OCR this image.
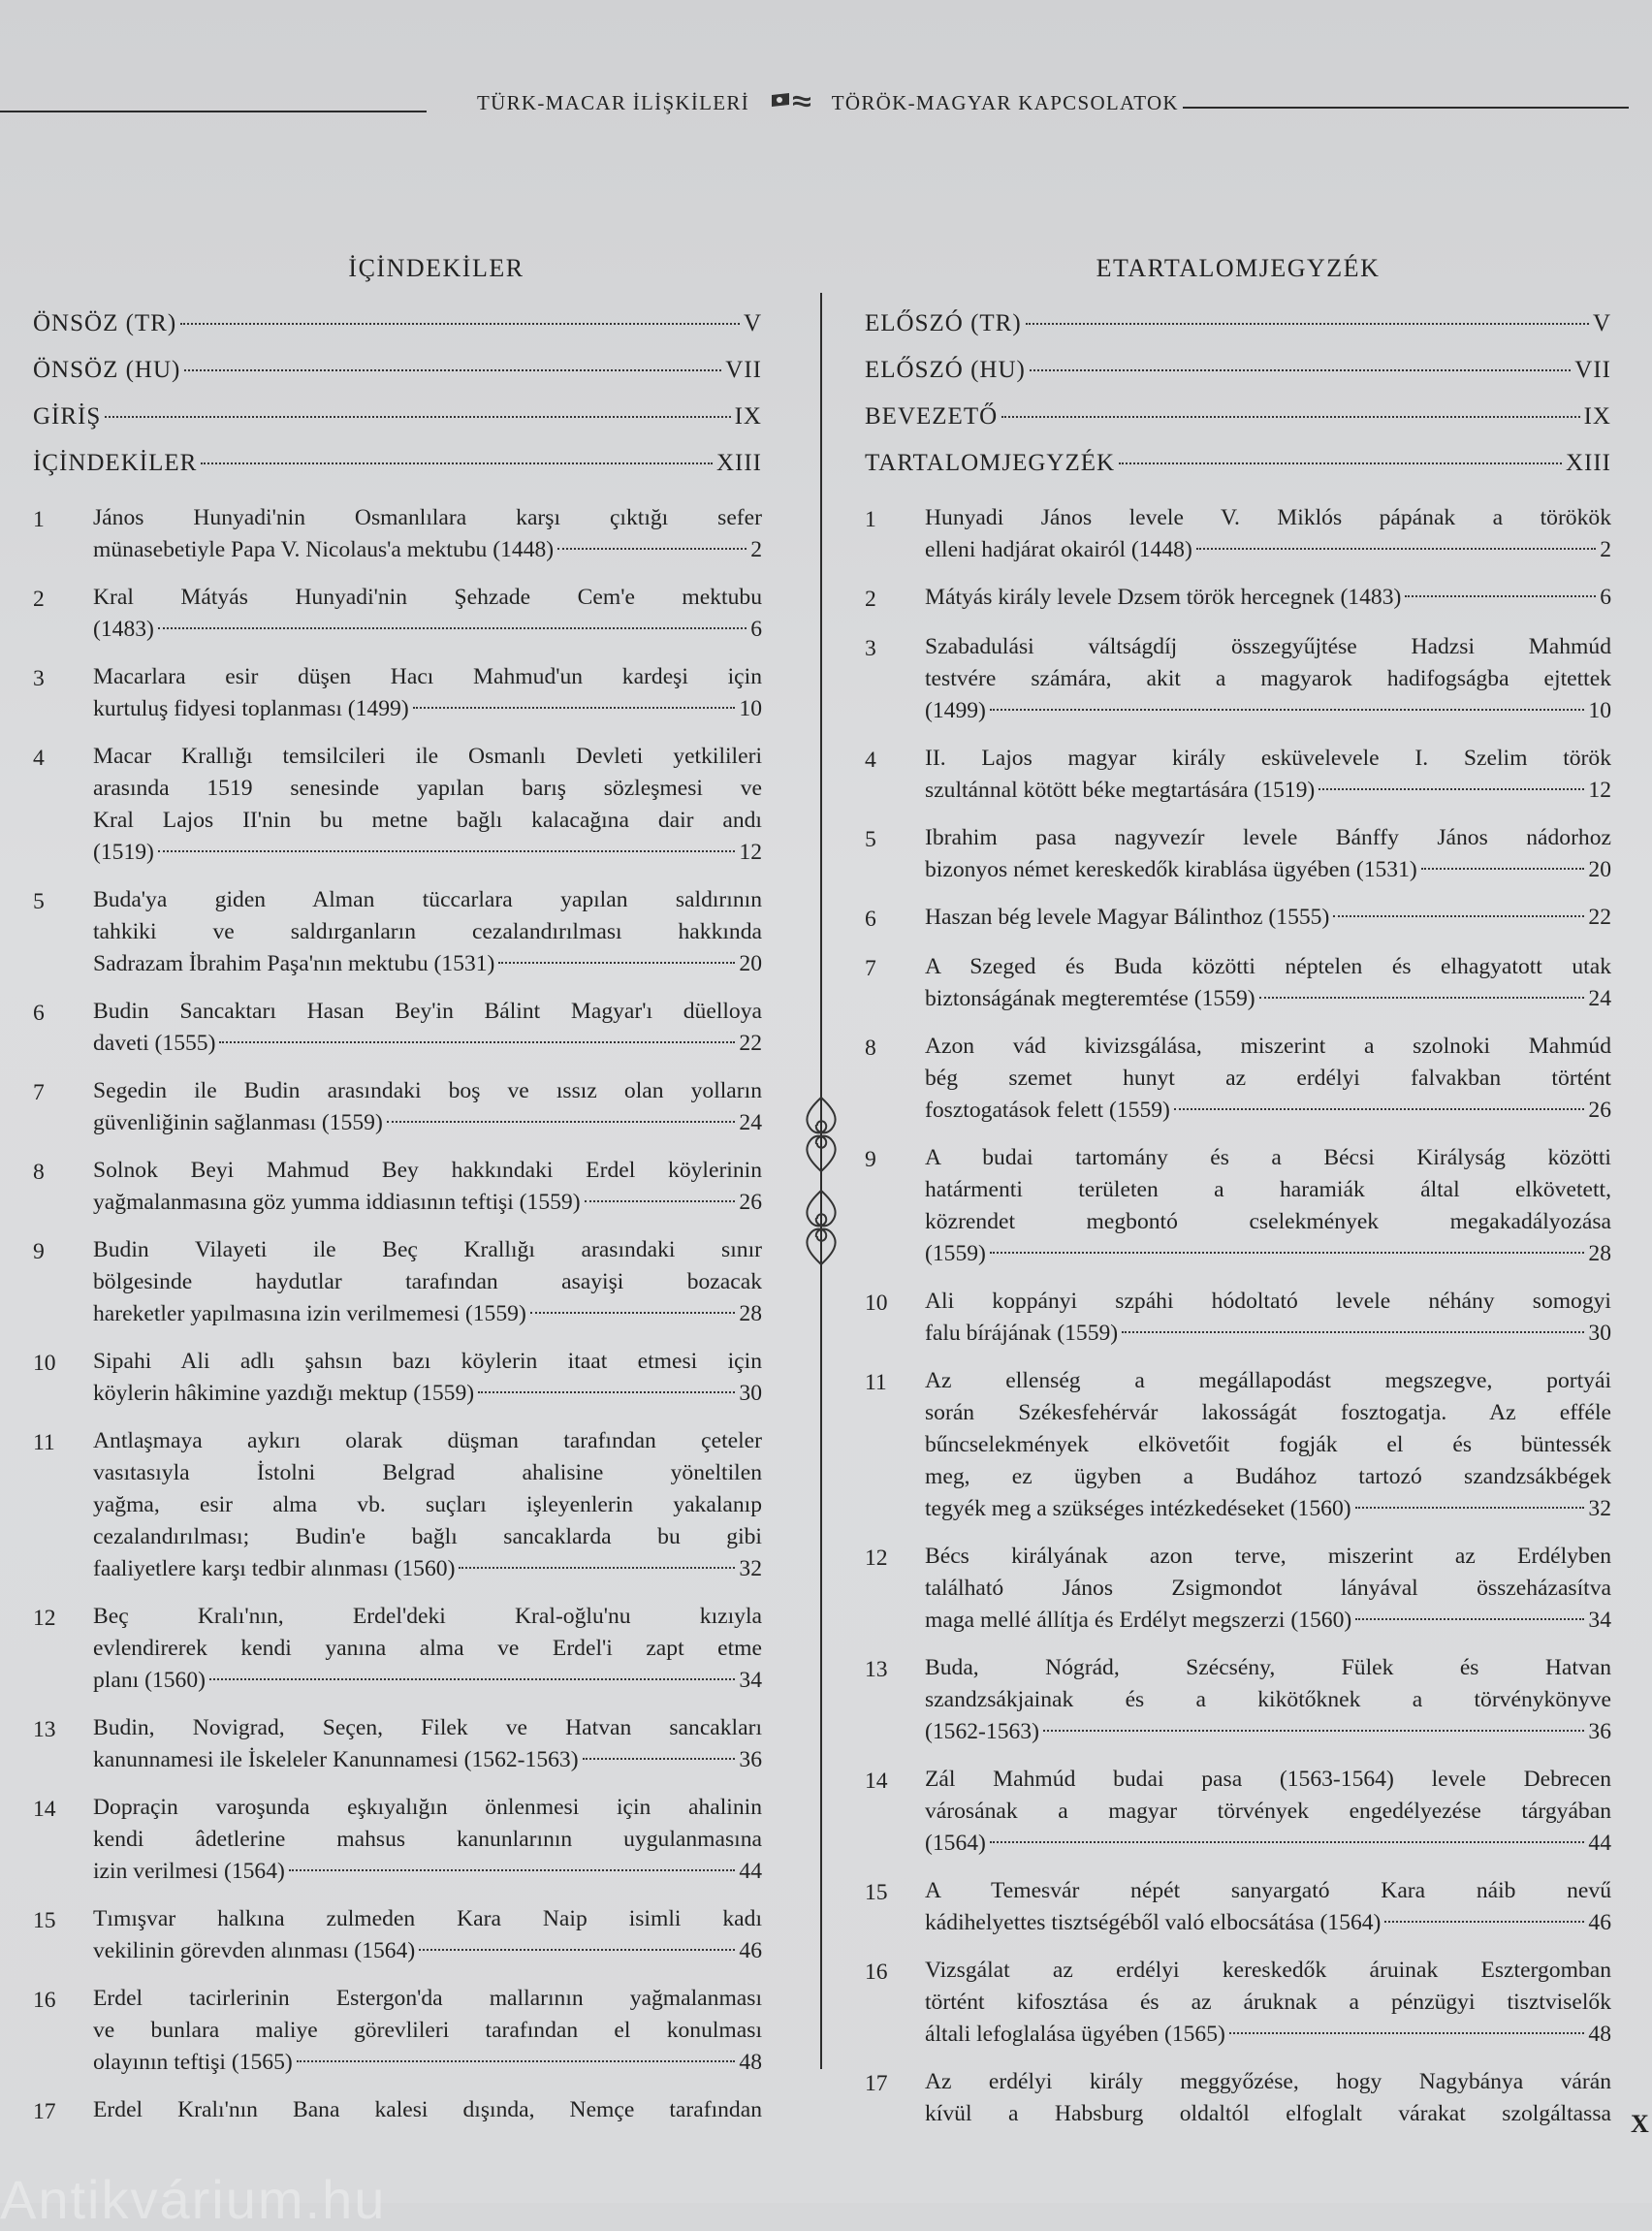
TÜRK-MACAR İLİŞKİLERİ	TÖRÖK-MAGYAR KAPCSOLATOK
İÇİNDEKİLER
ÖNSÖZ (TR)	V
ÖNSÖZ (HU)	VII
GİRİŞ	IX
İÇİNDEKİLER	XIII
1	János Hunyadi'nin Osmanlılara karşı çıktığı sefer
münasebetiyle Papa V. Nicolaus'a mektubu (1448)	2
2	Kral Mátyás Hunyadi'nin Şehzade Cem'e mektubu
(1483)	6
3	Macarlara esir düşen Hacı Mahmud'un kardeşi için
kurtuluş fidyesi toplanması (1499)	10
4	Macar Krallığı temsilcileri ile Osmanlı Devleti yetkilileri
arasında 1519 senesinde yapılan barış sözleşmesi ve
Kral Lajos II'nin bu metne bağlı kalacağına dair andı
(1519)	12
5	Buda'ya giden Alman tüccarlara yapılan saldırının
tahkiki ve saldırganların cezalandırılması hakkında
Sadrazam İbrahim Paşa'nın mektubu (1531)	20
6	Budin Sancaktarı Hasan Bey'in Bálint Magyar'ı düelloya
daveti (1555)	22
7	Segedin ile Budin arasındaki boş ve ıssız olan yolların
güvenliğinin sağlanması (1559)	24
8	Solnok Beyi Mahmud Bey hakkındaki Erdel köylerinin
yağmalanmasına göz yumma iddiasının teftişi (1559)	26
9	Budin Vilayeti ile Beç Krallığı arasındaki sınır
bölgesinde haydutlar tarafından asayişi bozacak
hareketler yapılmasına izin verilmemesi (1559)	28
10	Sipahi Ali adlı şahsın bazı köylerin itaat etmesi için
köylerin hâkimine yazdığı mektup (1559)	30
11	Antlaşmaya aykırı olarak düşman tarafından çeteler
vasıtasıyla İstolni Belgrad ahalisine yöneltilen
yağma, esir alma vb. suçları işleyenlerin yakalanıp
cezalandırılması; Budin'e bağlı sancaklarda bu gibi
faaliyetlere karşı tedbir alınması (1560)	32
12	Beç Kralı'nın, Erdel'deki Kral-oğlu'nu kızıyla
evlendirerek kendi yanına alma ve Erdel'i zapt etme
planı (1560)	34
13	Budin, Novigrad, Seçen, Filek ve Hatvan sancakları
kanunnamesi ile İskeleler Kanunnamesi (1562-1563)	36
14	Dopraçin varoşunda eşkıyalığın önlenmesi için ahalinin
kendi âdetlerine mahsus kanunlarının uygulanmasına
izin verilmesi (1564)	44
15	Tımışvar halkına zulmeden Kara Naip isimli kadı
vekilinin görevden alınması (1564)	46
16	Erdel tacirlerinin Estergon'da mallarının yağmalanması
ve bunlara maliye görevlileri tarafından el konulması
olayının teftişi (1565)	48
17	Erdel Kralı'nın Bana kalesi dışında, Nemçe tarafından
ETARTALOMJEGYZÉK
ELŐSZÓ (TR)	V
ELŐSZÓ (HU)	VII
BEVEZETŐ	IX
TARTALOMJEGYZÉK	XIII
1	Hunyadi János levele V. Miklós pápának a törökök
elleni hadjárat okairól (1448)	2
2	Mátyás király levele Dzsem török hercegnek (1483)	6
3	Szabadulási váltságdíj összegyűjtése Hadzsi Mahmúd
testvére számára, akit a magyarok hadifogságba ejtettek
(1499)	10
4	II. Lajos magyar király esküvelevele I. Szelim török
szultánnal kötött béke megtartására (1519)	12
5	Ibrahim pasa nagyvezír levele Bánffy János nádorhoz
bizonyos német kereskedők kirablása ügyében (1531)	20
6	Haszan bég levele Magyar Bálinthoz (1555)	22
7	A Szeged és Buda közötti néptelen és elhagyatott utak
biztonságának megteremtése (1559)	24
8	Azon vád kivizsgálása, miszerint a szolnoki Mahmúd
bég szemet hunyt az erdélyi falvakban történt
fosztogatások felett (1559)	26
9	A budai tartomány és a Bécsi Királyság közötti
határmenti területen a haramiák által elkövetett,
közrendet megbontó cselekmények megakadályozása
(1559)	28
10	Ali koppányi szpáhi hódoltató levele néhány somogyi
falu bírájának (1559)	30
11	Az ellenség a megállapodást megszegve, portyái
során Székesfehérvár lakosságát fosztogatja. Az efféle
bűncselekmények elkövetőit fogják el és büntessék
meg, ez ügyben a Budához tartozó szandzsákbégek
tegyék meg a szükséges intézkedéseket (1560)	32
12	Bécs királyának azon terve, miszerint az Erdélyben
található János Zsigmondot lányával összeházasítva
maga mellé állítja és Erdélyt megszerzi (1560)	34
13	Buda, Nógrád, Szécsény, Fülek és Hatvan
szandzsákjainak és a kikötőknek a törvénykönyve
(1562-1563)	36
14	Zál Mahmúd budai pasa (1563-1564) levele Debrecen
városának a magyar törvények engedélyezése tárgyában
(1564)	44
15	A Temesvár népét sanyargató Kara náib nevű
kádihelyettes tisztségéből való elbocsátása (1564)	46
16	Vizsgálat az erdélyi kereskedők áruinak Esztergomban
történt kifosztása és az áruknak a pénzügyi tisztviselők
általi lefoglalása ügyében (1565)	48
17	Az erdélyi király meggyőzése, hogy Nagybánya várán
kívül a Habsburg oldaltól elfoglalt várakat szolgáltassa X
Antikvárium.hu
